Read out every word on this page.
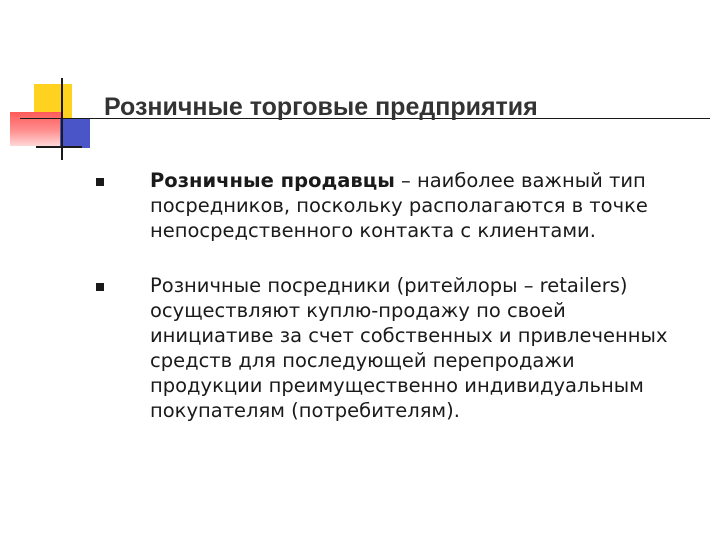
Розничные торговые предприятия
Розничные продавцы – наиболее важный тип посредников, поскольку располагаются в точке непосредственного контакта с клиентами.
Розничные посредники (ритейлоры – retailers) осуществляют куплю-продажу по своей инициативе за счет собственных и привлеченных средств для последующей перепродажи продукции преимущественно индивидуальным покупателям (потребителям).
